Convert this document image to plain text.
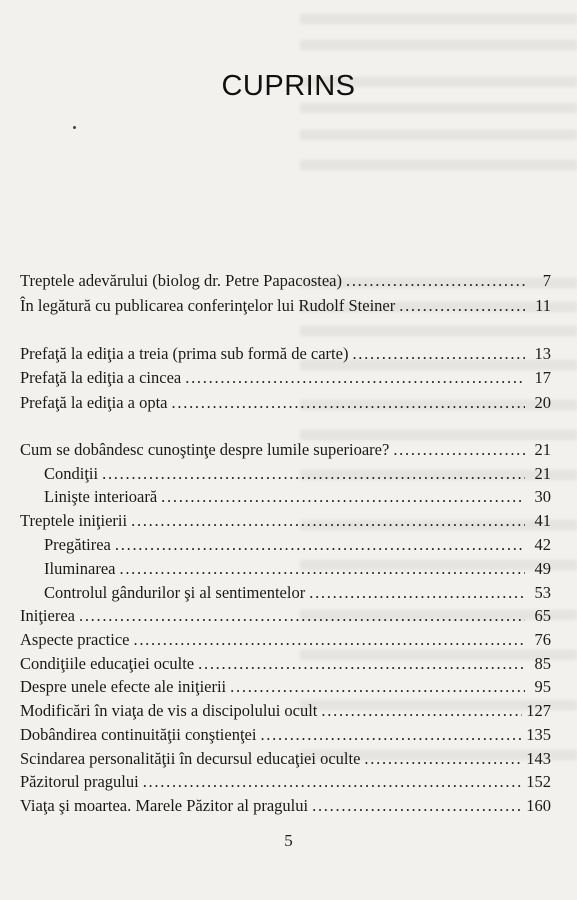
CUPRINS
Treptele adevărului (biolog dr. Petre Papacostea) . . .	7
În legătură cu publicarea conferinţelor lui Rudolf Steiner . . .	11
Prefaţă la ediţia a treia (prima sub formă de carte) . . .	13
Prefaţă la ediţia a cincea . . .	17
Prefaţă la ediţia a opta . . .	20
Cum se dobândesc cunoştinţe despre lumile superioare? . . .	21
Condiţii . . .	21
Linişte interioară . . .	30
Treptele iniţierii . . .	41
Pregătirea . . .	42
Iluminarea . . .	49
Controlul gândurilor şi al sentimentelor . . .	53
Iniţierea . . .	65
Aspecte practice . . .	76
Condiţiile educaţiei oculte . . .	85
Despre unele efecte ale iniţierii . . .	95
Modificări în viaţa de vis a discipolului ocult . . .	127
Dobândirea continuităţii conştienţei . . .	135
Scindarea personalităţii în decursul educaţiei oculte . . .	143
Păzitorul pragului . . .	152
Viaţa şi moartea. Marele Păzitor al pragului . . .	160
5
